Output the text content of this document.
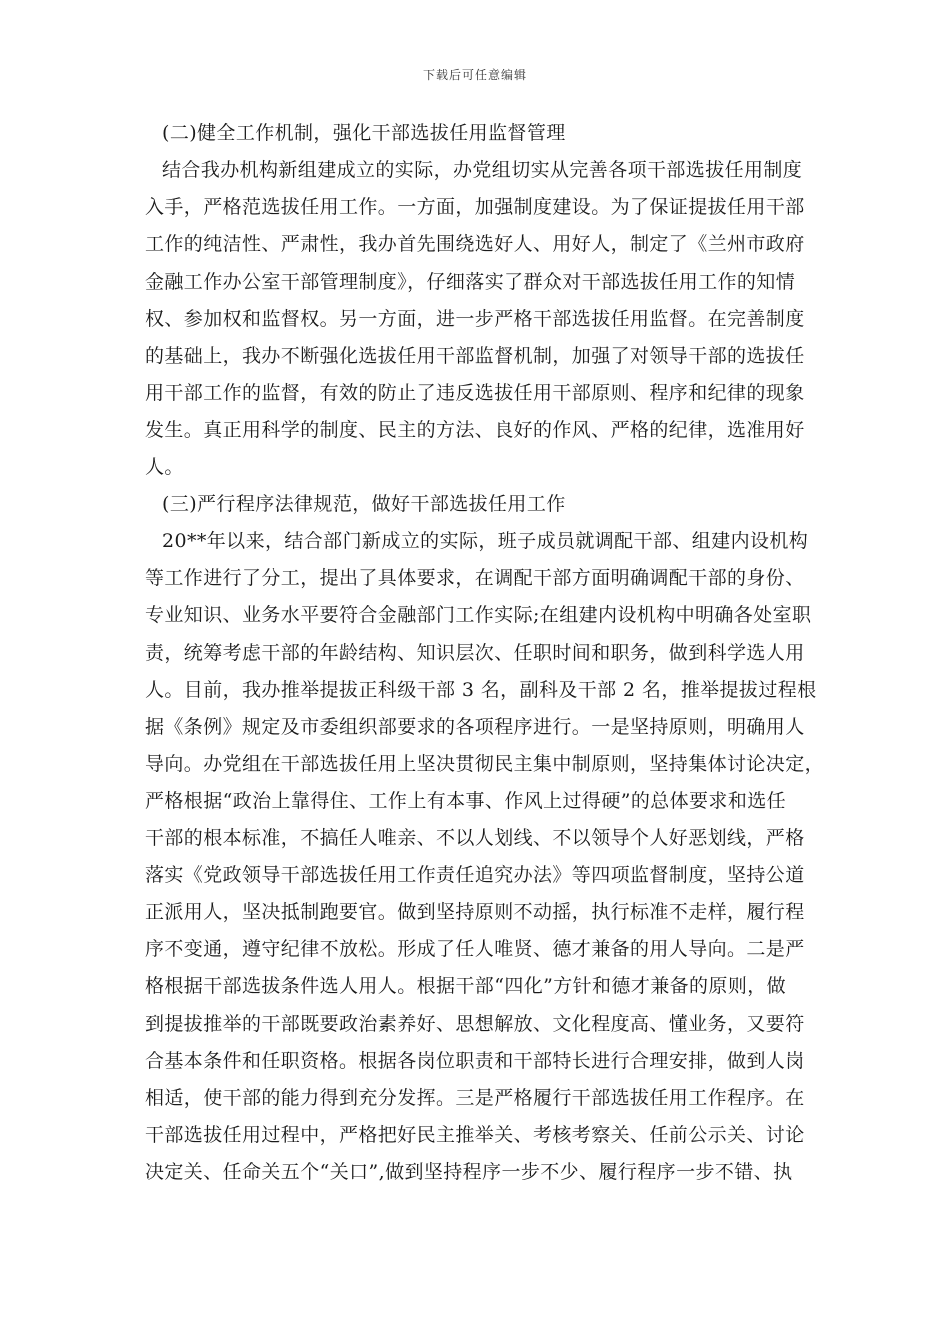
下载后可任意编辑
(二)健全工作机制，强化干部选拔任用监督管理
结合我办机构新组建成立的实际，办党组切实从完善各项干部选拔任用制度
入手，严格范选拔任用工作。一方面，加强制度建设。为了保证提拔任用干部
工作的纯洁性、严肃性，我办首先围绕选好人、用好人，制定了《兰州市政府
金融工作办公室干部管理制度》，仔细落实了群众对干部选拔任用工作的知情
权、参加权和监督权。另一方面，进一步严格干部选拔任用监督。在完善制度
的基础上，我办不断强化选拔任用干部监督机制，加强了对领导干部的选拔任
用干部工作的监督，有效的防止了违反选拔任用干部原则、程序和纪律的现象
发生。真正用科学的制度、民主的方法、良好的作风、严格的纪律，选准用好
人。
(三)严行程序法律规范，做好干部选拔任用工作
20**年以来，结合部门新成立的实际，班子成员就调配干部、组建内设机构
等工作进行了分工，提出了具体要求，在调配干部方面明确调配干部的身份、
专业知识、业务水平要符合金融部门工作实际;在组建内设机构中明确各处室职
责，统筹考虑干部的年龄结构、知识层次、任职时间和职务，做到科学选人用
人。目前，我办推举提拔正科级干部 3 名，副科及干部 2 名，推举提拔过程根
据《条例》规定及市委组织部要求的各项程序进行。一是坚持原则，明确用人
导向。办党组在干部选拔任用上坚决贯彻民主集中制原则，坚持集体讨论决定，
严格根据“政治上靠得住、工作上有本事、作风上过得硬”的总体要求和选任
干部的根本标准，不搞任人唯亲、不以人划线、不以领导个人好恶划线，严格
落实《党政领导干部选拔任用工作责任追究办法》等四项监督制度，坚持公道
正派用人，坚决抵制跑要官。做到坚持原则不动摇，执行标准不走样，履行程
序不变通，遵守纪律不放松。形成了任人唯贤、德才兼备的用人导向。二是严
格根据干部选拔条件选人用人。根据干部“四化”方针和德才兼备的原则，做
到提拔推举的干部既要政治素养好、思想解放、文化程度高、懂业务，又要符
合基本条件和任职资格。根据各岗位职责和干部特长进行合理安排，做到人岗
相适，使干部的能力得到充分发挥。三是严格履行干部选拔任用工作程序。在
干部选拔任用过程中，严格把好民主推举关、考核考察关、任前公示关、讨论
决定关、任命关五个“关口”,做到坚持程序一步不少、履行程序一步不错、执
